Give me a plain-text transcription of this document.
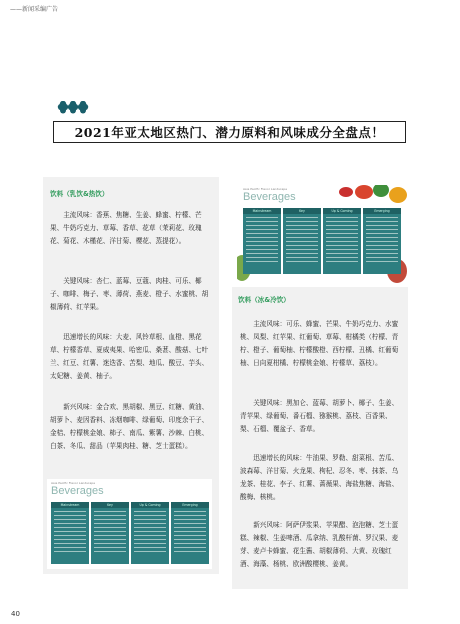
——新闻采编广告
2021年亚太地区热门、潜力原料和风味成分全盘点！
饮料（乳饮&热饮）
主流风味：香蕉、焦糖、生姜、蜂蜜、柠檬、芒果、牛奶巧克力、草莓、香草、花草（茉莉花、玫瑰花、菊花、木槿花、洋甘菊、樱花、蒸提花）。
关键风味：杏仁、蓝莓、豆蔻、肉桂、可乐、椰子、咖啡、梅子、枣、薄荷、燕麦、橙子、水蜜桃、胡椒薄荷、红苹果。
迅速增长的风味：大麦、风铃草根、血橙、黑花草、柠檬香草、夏威夷果、哈密瓜、桑葚、酸菇、七叶兰、红豆、红薯、迷迭香、苦梨、地瓜、酸豆、芋头、太妃糖、姜黄、柚子。
新兴风味：金合欢、黑胡椒、黑豆、红糖、黄油、胡萝卜、麦因香料、冻烟咖啡、绿葡萄、印度余干子、金桔、柠檬桃金娘、柿子、南瓜、紫薯、沙棘、白桃、白茶、冬瓜、甜品（苹果肉桂、糖、芝士蛋糕）。
Asia Pacific Flavor Landscape
Beverages
Mainstream	Key	Up & Coming	Emerging
Asia Pacific Flavor Landscape
Beverages
Mainstream	Key	Up & Coming	Emerging
饮料（冰&冷饮）
主流风味：可乐、蜂蜜、芒果、牛奶巧克力、水蜜桃、凤梨、红苹果、红葡萄、草莓、柑橘类（柠檬、青柠、橙子、葡萄柚、柠檬酸橙、西柠檬、丑橘、红葡萄柚、日向夏柑橘、柠檬桃金娘、柠檬草、荔枝）。
关键风味：黑加仑、蓝莓、胡萝卜、椰子、生姜、青苹果、绿葡萄、番石榴、猕猴桃、荔枝、百香果、梨、石榴、覆盆子、香草。
迅速增长的风味：牛油果、罗勒、甜菜根、苦瓜、波森莓、洋甘菊、火龙果、枸杞、忍冬、枣、抹茶、乌龙茶、桂花、李子、红薯、蔷薇果、海盐焦糖、海盐、酸梅、核桃。
新兴风味：阿萨伊浆果、苹果醋、泡泡糖、芝士蛋糕、辣椒、生姜啤酒、瓜拿纳、乳酸杆菌、罗汉果、麦芽、麦卢卡蜂蜜、花生酱、胡椒薄荷、大黄、玫瑰红酒、海藻、杨桃、欧洲酸樱桃、姜黄。
40
